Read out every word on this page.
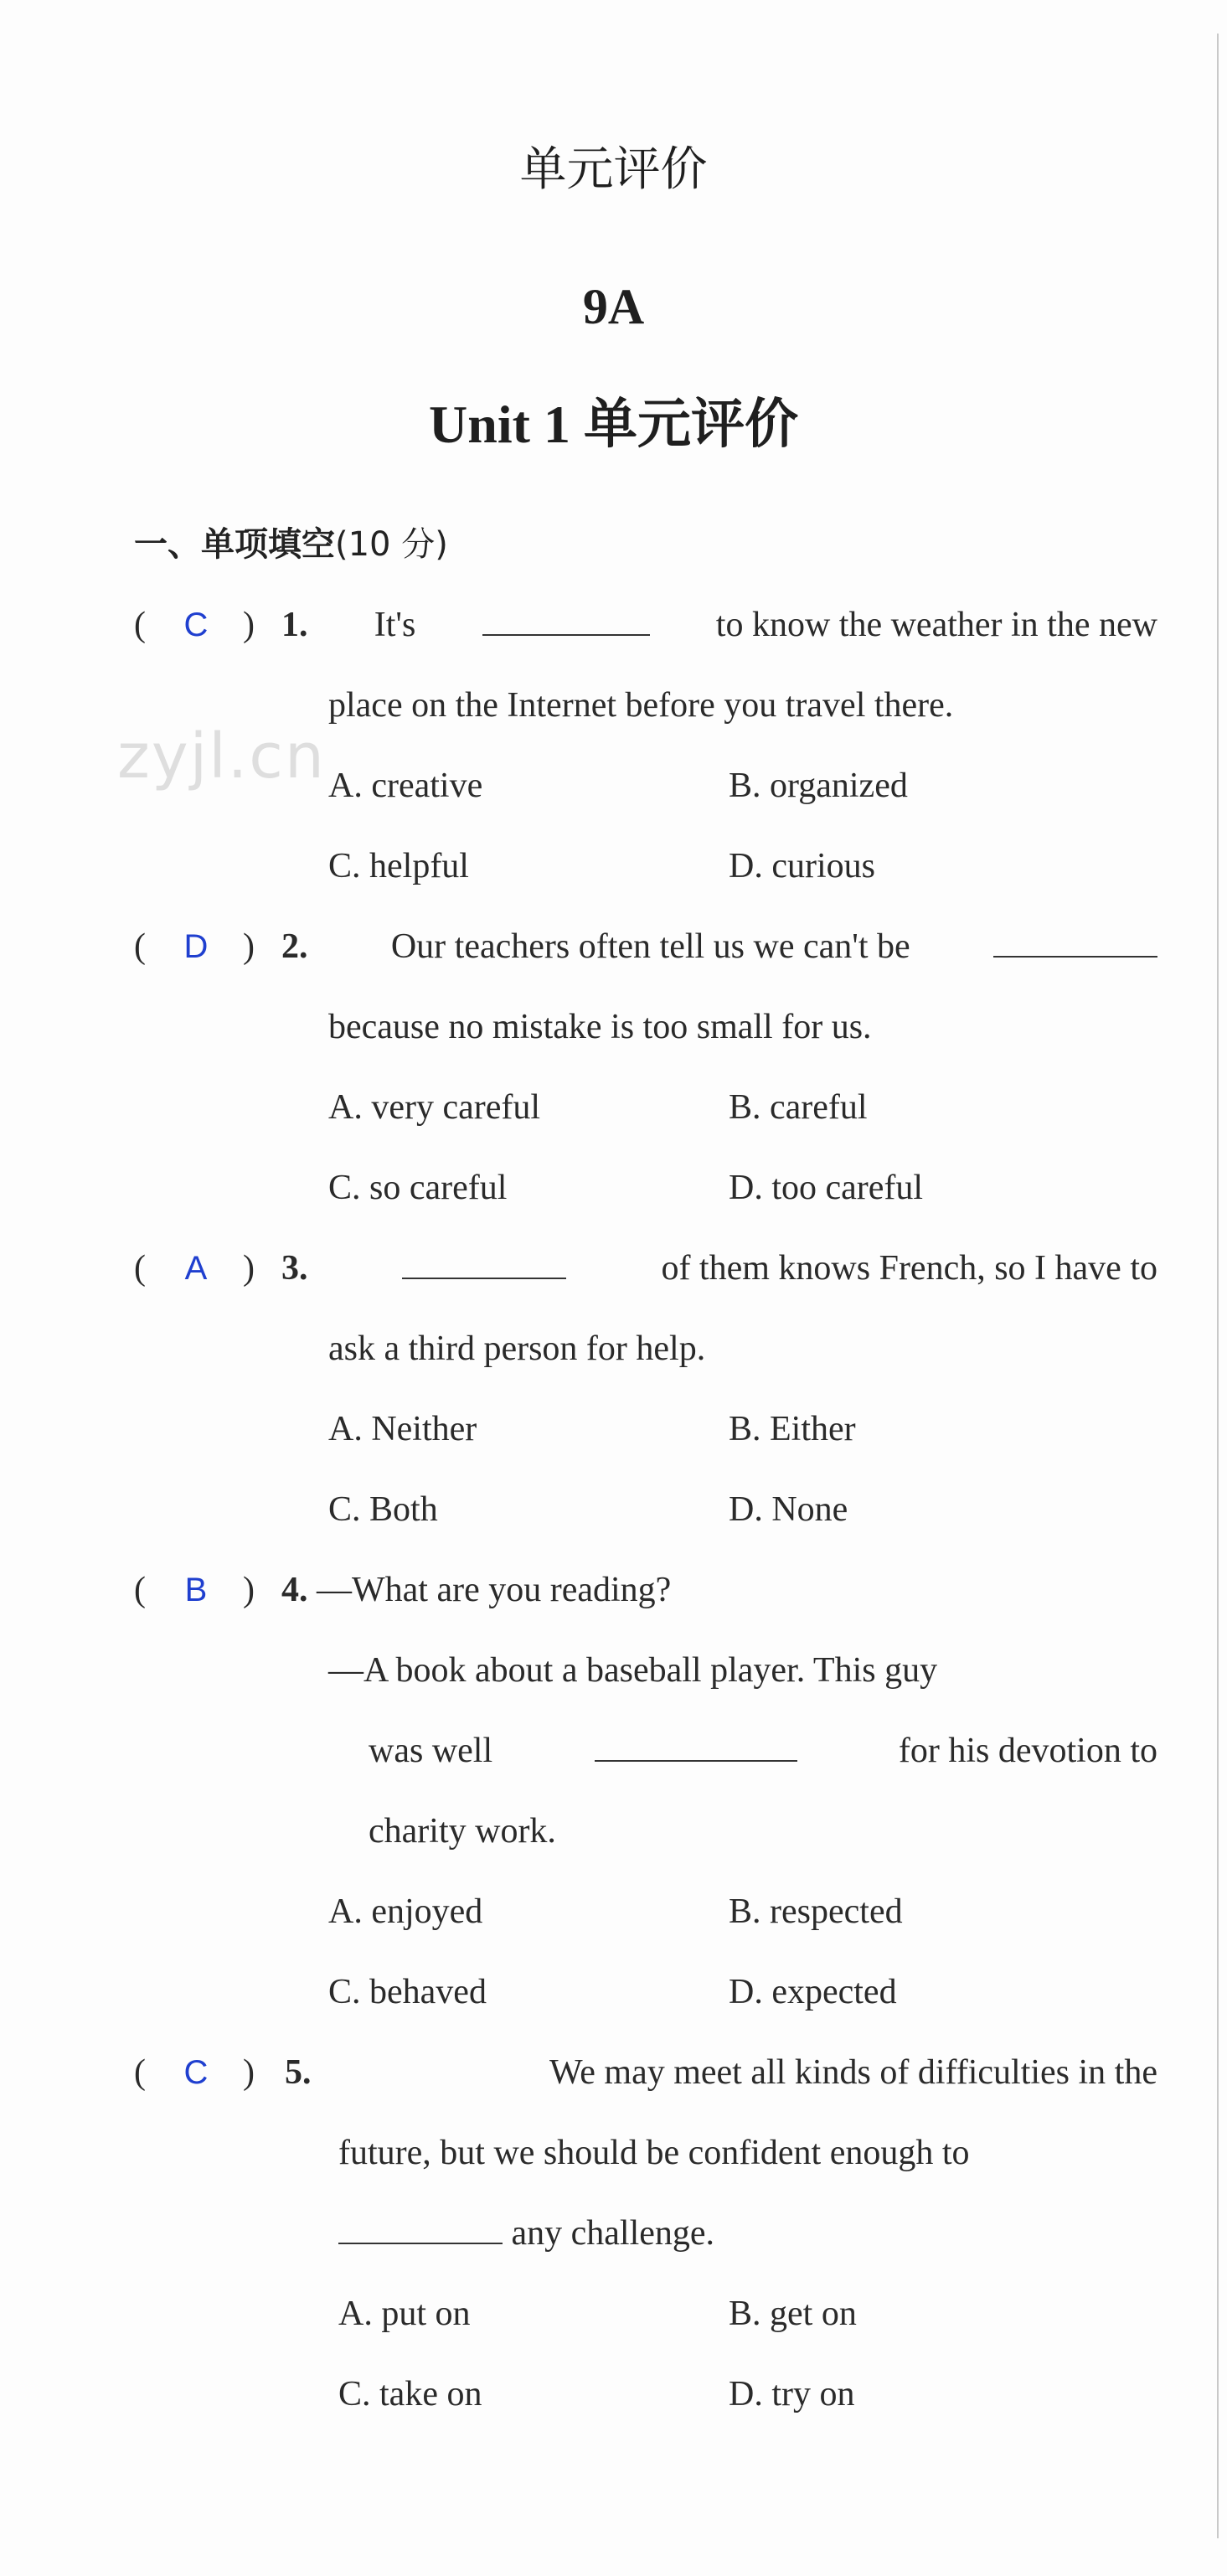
单元评价
9A
Unit 1 单元评价
一、单项填空(10 分)
zyjl.cn
(	C ) 1. It's	to know the weather in the new
place on the Internet before you travel there.
A. creative	B. organized
C. helpful	D. curious
(	D ) 2. Our teachers often tell us we can't be
because no mistake is too small for us.
A. very careful	B. careful
C. so careful	D. too careful
(	A	) 3.	of them knows French, so I have to
ask a third person for help.
A. Neither	B. Either
C. Both	D. None
(	B	) 4. —What are you reading?
—A book about a baseball player. This guy
was well	for his devotion to
charity work.
A. enjoyed	B. respected
C. behaved	D. expected
(	C ) 5.	We may meet all kinds of difficulties in the
future, but we should be confident enough to
any challenge.
A. put on	B. get on
C. take on	D. try on
